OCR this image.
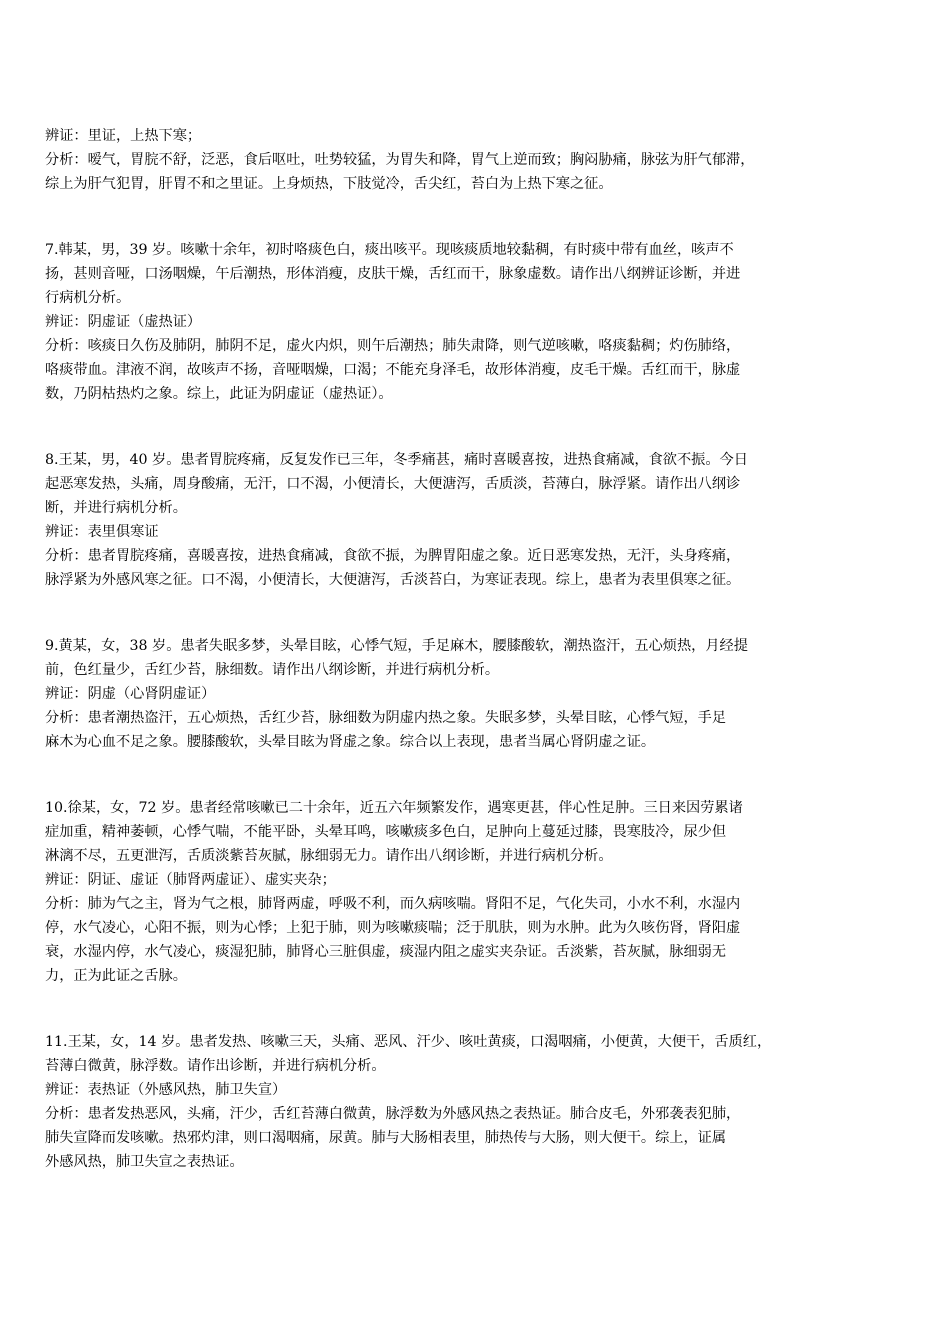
辨证：里证，上热下寒；
分析：嗳气，胃脘不舒，泛恶，食后呕吐，吐势较猛，为胃失和降，胃气上逆而致；胸闷胁痛，脉弦为肝气郁滞，
综上为肝气犯胃，肝胃不和之里证。上身烦热，下肢觉冷，舌尖红，苔白为上热下寒之征。
7.韩某，男，39 岁。咳嗽十余年，初时咯痰色白，痰出咳平。现咳痰质地较黏稠，有时痰中带有血丝，咳声不
扬，甚则音哑，口汤咽燥，午后潮热，形体消瘦，皮肤干燥，舌红而干，脉象虚数。请作出八纲辨证诊断，并进
行病机分析。
辨证：阴虚证（虚热证）
分析：咳痰日久伤及肺阴，肺阴不足，虚火内炽，则午后潮热；肺失肃降，则气逆咳嗽，咯痰黏稠；灼伤肺络，
咯痰带血。津液不润，故咳声不扬，音哑咽燥，口渴；不能充身泽毛，故形体消瘦，皮毛干燥。舌红而干，脉虚
数，乃阴枯热灼之象。综上，此证为阴虚证（虚热证）。
8.王某，男，40 岁。患者胃脘疼痛，反复发作已三年，冬季痛甚，痛时喜暖喜按，进热食痛减，食欲不振。今日
起恶寒发热，头痛，周身酸痛，无汗，口不渴，小便清长，大便溏泻，舌质淡，苔薄白，脉浮紧。请作出八纲诊
断，并进行病机分析。
辨证：表里俱寒证
分析：患者胃脘疼痛，喜暖喜按，进热食痛减，食欲不振，为脾胃阳虚之象。近日恶寒发热，无汗，头身疼痛，
脉浮紧为外感风寒之征。口不渴，小便清长，大便溏泻，舌淡苔白，为寒证表现。综上，患者为表里俱寒之征。
9.黄某，女，38 岁。患者失眠多梦，头晕目眩，心悸气短，手足麻木，腰膝酸软，潮热盗汗，五心烦热，月经提
前，色红量少，舌红少苔，脉细数。请作出八纲诊断，并进行病机分析。
辨证：阴虚（心肾阴虚证）
分析：患者潮热盗汗，五心烦热，舌红少苔，脉细数为阴虚内热之象。失眠多梦，头晕目眩，心悸气短，手足
麻木为心血不足之象。腰膝酸软，头晕目眩为肾虚之象。综合以上表现，患者当属心肾阴虚之证。
10.徐某，女，72 岁。患者经常咳嗽已二十余年，近五六年频繁发作，遇寒更甚，伴心性足肿。三日来因劳累诸
症加重，精神萎顿，心悸气喘，不能平卧，头晕耳鸣，咳嗽痰多色白，足肿向上蔓延过膝，畏寒肢冷，尿少但
淋漓不尽，五更泄泻，舌质淡紫苔灰腻，脉细弱无力。请作出八纲诊断，并进行病机分析。
辨证：阴证、虚证（肺肾两虚证）、虚实夹杂；
分析：肺为气之主，肾为气之根，肺肾两虚，呼吸不利，而久病咳喘。肾阳不足，气化失司，小水不利，水湿内
停，水气凌心，心阳不振，则为心悸；上犯于肺，则为咳嗽痰喘；泛于肌肤，则为水肿。此为久咳伤肾，肾阳虚
衰，水湿内停，水气凌心，痰湿犯肺，肺肾心三脏俱虚，痰湿内阻之虚实夹杂证。舌淡紫，苔灰腻，脉细弱无
力，正为此证之舌脉。
11.王某，女，14 岁。患者发热、咳嗽三天，头痛、恶风、汗少、咳吐黄痰，口渴咽痛，小便黄，大便干，舌质红，
苔薄白微黄，脉浮数。请作出诊断，并进行病机分析。
辨证：表热证（外感风热，肺卫失宣）
分析：患者发热恶风，头痛，汗少，舌红苔薄白微黄，脉浮数为外感风热之表热证。肺合皮毛，外邪袭表犯肺，
肺失宣降而发咳嗽。热邪灼津，则口渴咽痛，尿黄。肺与大肠相表里，肺热传与大肠，则大便干。综上，证属
外感风热，肺卫失宣之表热证。
